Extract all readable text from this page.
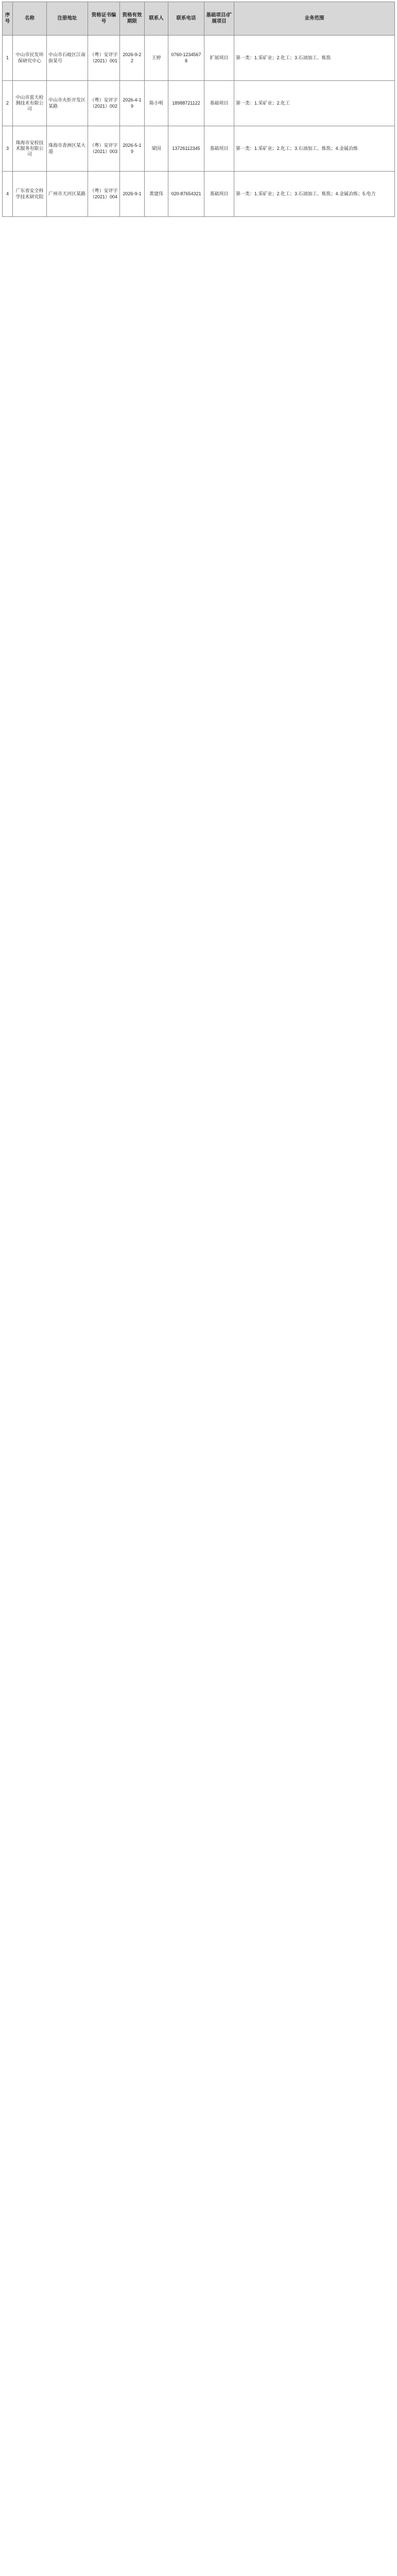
序号	名称	注册地址	资格证书编号	资格有效期限	联系人	联系电话	基础项目/扩展项目	业务范围
1	中山市民发环保研究中心	中山市石岐区江南街某号	（粤）安评字（2021）001	2026-9-22	王婷	0760-12345678	扩展项目	第一类：1.采矿业；2.化工；3.石油加工、炼焦
2	中山市蓝天检测技术有限公司	中山市火炬开发区某路	（粤）安评字（2021）002	2026-4-19	陈小明	18988721122	基础项目	第一类：1.采矿业；2.化工
3	珠海市安检技术服务有限公司	珠海市香洲区某大道	（粤）安评字（2021）003	2026-5-19	梁国	13726112345	基础项目	第一类：1.采矿业；2.化工；3.石油加工、炼焦；4.金属冶炼
4	广东省安全科学技术研究院	广州市天河区某路	（粤）安评字（2021）004	2026-9-1	黄建伟	020-87654321	基础项目	第一类：1.采矿业；2.化工；3.石油加工、炼焦；4.金属冶炼；5.电力
